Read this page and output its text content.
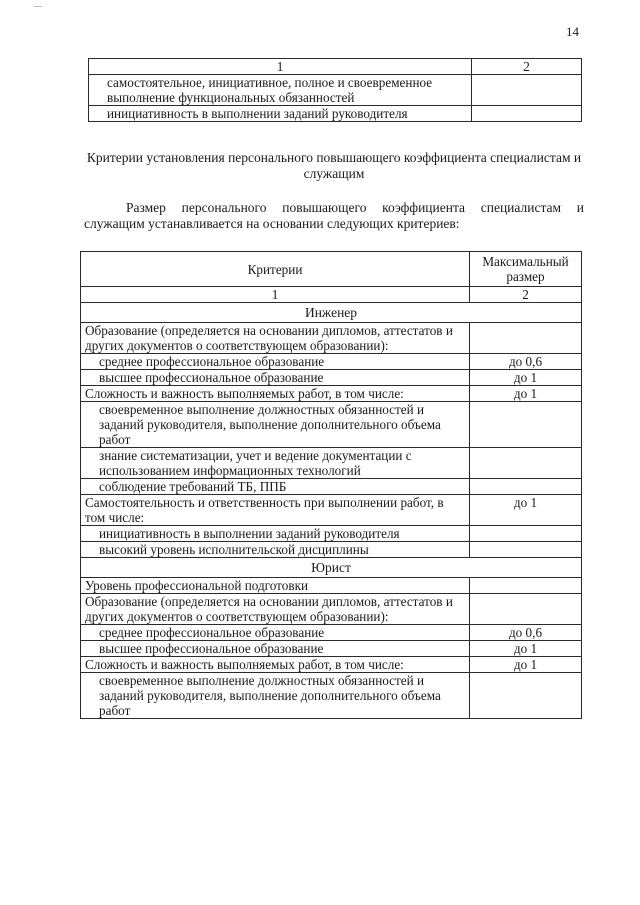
14
1	2
самостоятельное, инициативное, полное и своевременное выполнение функциональных обязанностей	
инициативность в выполнении заданий руководителя	
Критерии установления персонального повышающего коэффициента специалистам и служащим
Размер персонального повышающего коэффициента специалистам и служащим устанавливается на основании следующих критериев:
Критерии	Максимальный размер
1	2
Инженер	
Образование (определяется на основании дипломов, аттестатов и других документов о соответствующем образовании):	
среднее профессиональное образование	до 0,6
высшее профессиональное образование	до 1
Сложность и важность выполняемых работ, в том числе:	до 1
своевременное выполнение должностных обязанностей и заданий руководителя, выполнение дополнительного объема работ	
знание систематизации, учет и ведение документации с использованием информационных технологий	
соблюдение требований ТБ, ППБ	
Самостоятельность и ответственность при выполнении работ, в том числе:	до 1
инициативность в выполнении заданий руководителя	
высокий уровень исполнительской дисциплины	
Юрист	
Уровень профессиональной подготовки	
Образование (определяется на основании дипломов, аттестатов и других документов о соответствующем образовании):	
среднее профессиональное образование	до 0,6
высшее профессиональное образование	до 1
Сложность и важность выполняемых работ, в том числе:	до 1
своевременное выполнение должностных обязанностей и заданий руководителя, выполнение дополнительного объема работ	
